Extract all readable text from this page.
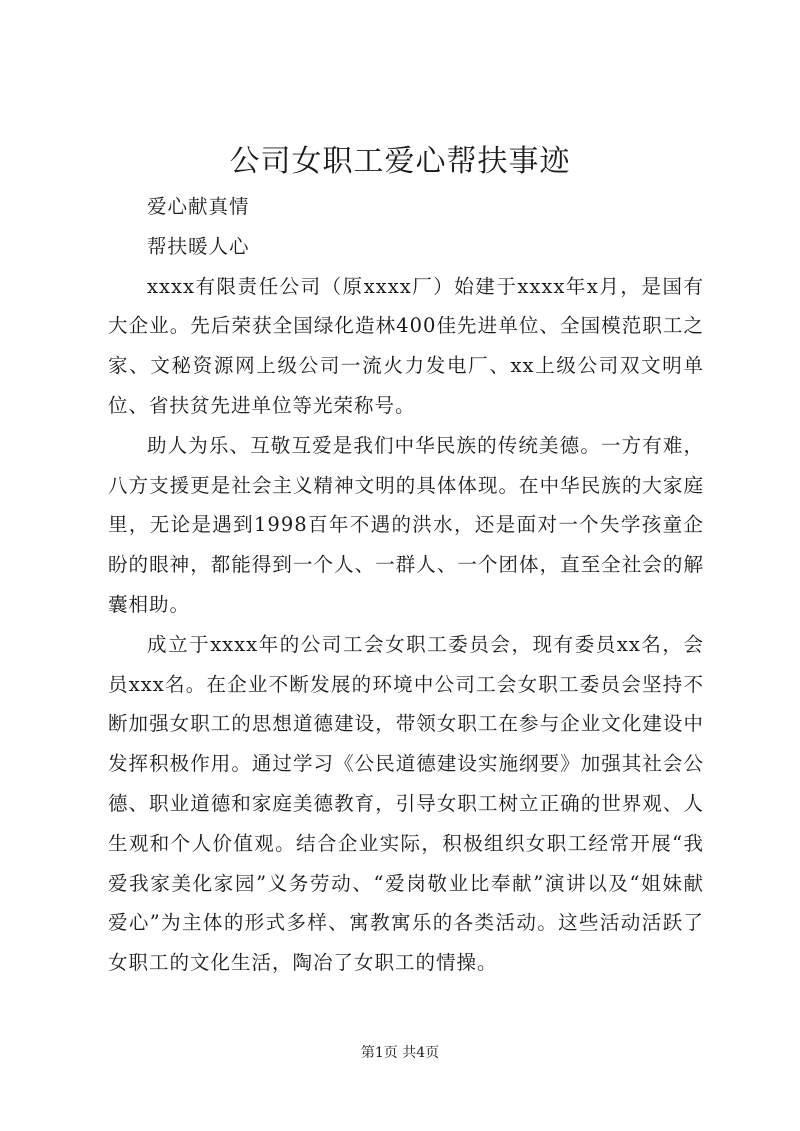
公司女职工爱心帮扶事迹

爱心献真情

帮扶暖人心

xxxx有限责任公司（原xxxx厂）始建于xxxx年x月，是国有大企业。先后荣获全国绿化造林400佳先进单位、全国模范职工之家、文秘资源网上级公司一流火力发电厂、xx上级公司双文明单位、省扶贫先进单位等光荣称号。

助人为乐、互敬互爱是我们中华民族的传统美德。一方有难，八方支援更是社会主义精神文明的具体体现。在中华民族的大家庭里，无论是遇到1998百年不遇的洪水，还是面对一个失学孩童企盼的眼神，都能得到一个人、一群人、一个团体，直至全社会的解囊相助。

成立于xxxx年的公司工会女职工委员会，现有委员xx名，会员xxx名。在企业不断发展的环境中公司工会女职工委员会坚持不断加强女职工的思想道德建设，带领女职工在参与企业文化建设中发挥积极作用。通过学习《公民道德建设实施纲要》加强其社会公德、职业道德和家庭美德教育，引导女职工树立正确的世界观、人生观和个人价值观。结合企业实际，积极组织女职工经常开展“我爱我家美化家园”义务劳动、“爱岗敬业比奉献”演讲以及“姐妹献爱心”为主体的形式多样、寓教寓乐的各类活动。这些活动活跃了女职工的文化生活，陶冶了女职工的情操。

第1页 共4页
